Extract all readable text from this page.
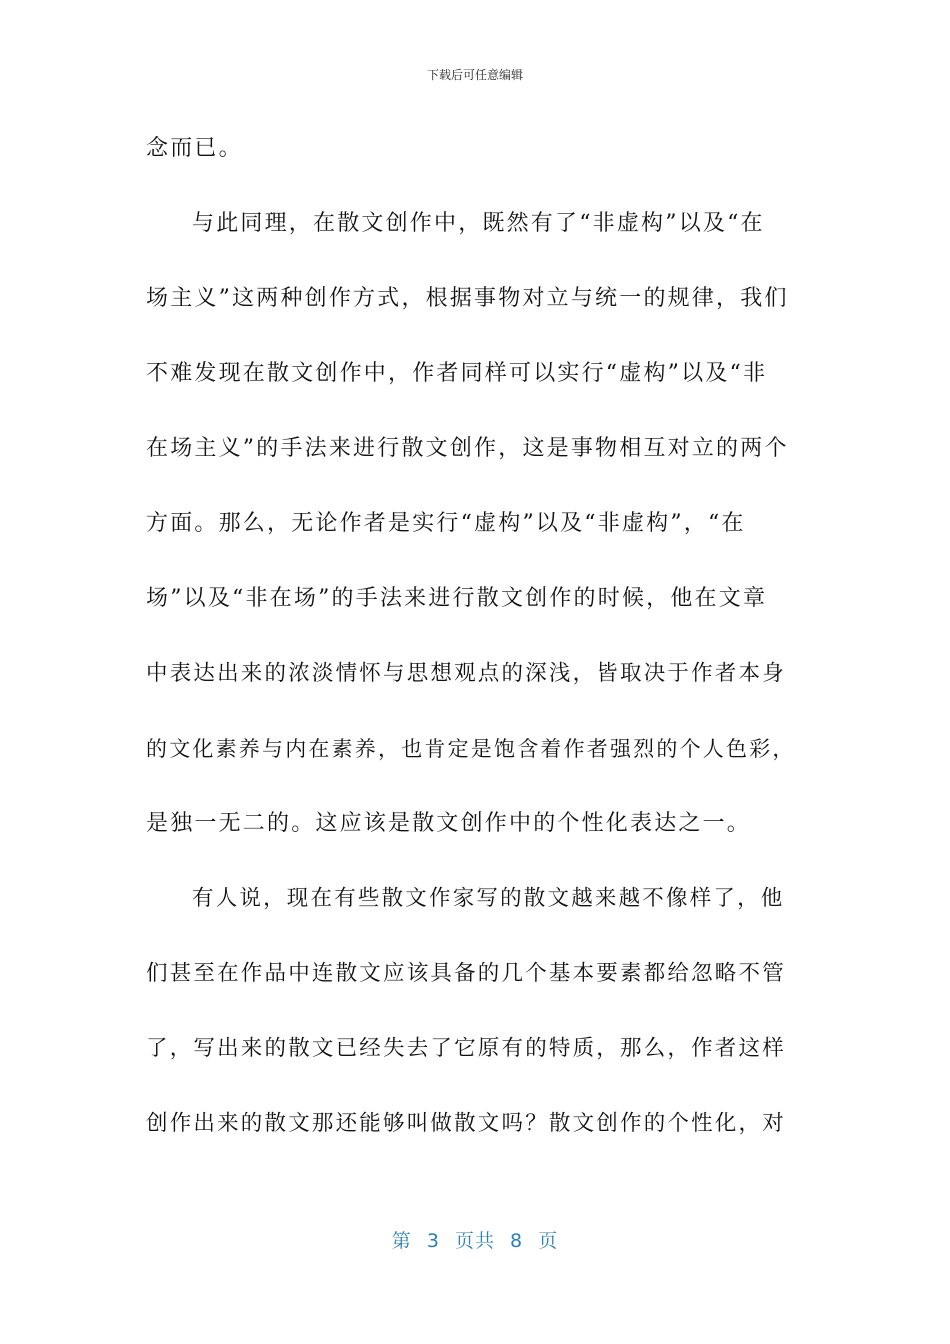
下载后可任意编辑
念而已。
与此同理，在散文创作中，既然有了“非虚构”以及“在
场主义”这两种创作方式，根据事物对立与统一的规律，我们
不难发现在散文创作中，作者同样可以实行“虚构”以及“非
在场主义”的手法来进行散文创作，这是事物相互对立的两个
方面。那么，无论作者是实行“虚构”以及“非虚构”，“在
场”以及“非在场”的手法来进行散文创作的时候，他在文章
中表达出来的浓淡情怀与思想观点的深浅，皆取决于作者本身
的文化素养与内在素养，也肯定是饱含着作者强烈的个人色彩，
是独一无二的。这应该是散文创作中的个性化表达之一。
有人说，现在有些散文作家写的散文越来越不像样了，他
们甚至在作品中连散文应该具备的几个基本要素都给忽略不管
了，写出来的散文已经失去了它原有的特质，那么，作者这样
创作出来的散文那还能够叫做散文吗？散文创作的个性化，对
第 3 页共 8 页
